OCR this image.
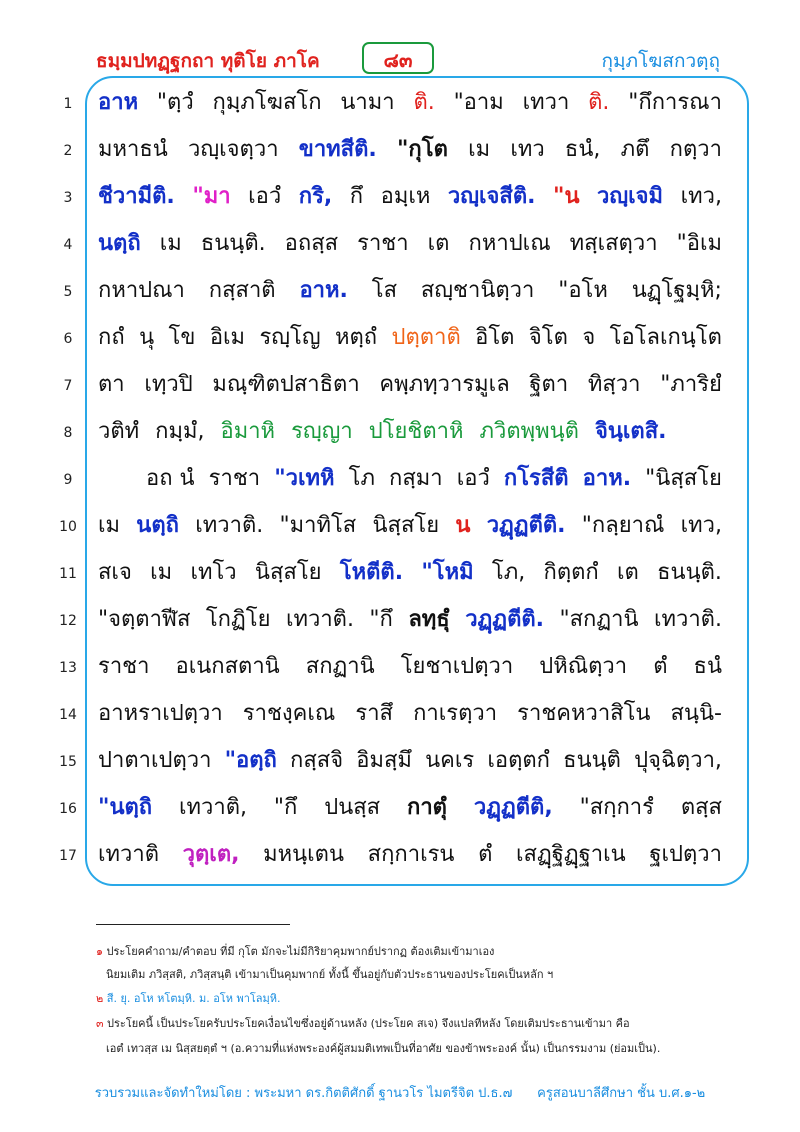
ธมฺมปทฏฺฐกถา ทุติโย ภาโค	๘๓	กุมฺภโฆสกวตฺถุ
1	อาห "ตฺวํ กุมฺภโฆสโก นามา ติ. "อาม เทวา ติ. "กึการณา
2	มหาธนํ วญฺเจตฺวา ขาทสีติ. "กุโต เม เทว ธนํ, ภตึ กตฺวา
3	ชีวามีติ. "มา เอวํ กริ, กึ อมฺเห วญฺเจสีติ. "น วญฺเจมิ เทว,
4	นตฺถิ เม ธนนฺติ. อถสฺส ราชา เต กหาปเณ ทสฺเสตฺวา "อิเม
5	กหาปณา กสฺสาติ อาห. โส สญฺชานิตฺวา "อโห นฏฺโฐมฺหิ;
6	กถํ นุ โข อิเม รญฺโญ หตฺถํ ปตฺตาติ อิโต จิโต จ โอโลเกนฺโต
7	ตา เทฺวปิ มณฺฑิตปสาธิตา คพฺภทฺวารมูเล ฐิตา ทิสฺวา "ภาริยํ
8	วติทํ กมฺมํ, อิมาหิ รญฺญา ปโยชิตาหิ ภวิตพฺพนฺติ จินฺเตสิ.
9	อถ นํ ราชา "วเทหิ โภ กสฺมา เอวํ กโรสีติ อาห. "นิสฺสโย
10 เม นตฺถิ เทวาติ. "มาทิโส นิสฺสโย น วฏฺฏตีติ. "กลฺยาณํ เทว,
11 สเจ เม เทโว นิสฺสโย โหตีติ. "โหมิ โภ, กิตฺตกํ เต ธนนฺติ.
12 "จตฺตาฬีส โกฏิโย เทวาติ. "กึ ลทฺธุํ วฏฺฏตีติ. "สกฏานิ เทวาติ.
13 ราชา อเนกสตานิ สกฏานิ โยชาเปตฺวา ปหิณิตฺวา ตํ ธนํ
14 อาหราเปตฺวา ราชงฺคเณ ราสึ กาเรตฺวา ราชคหวาสิโน สนฺนิ-
15 ปาตาเปตฺวา "อตฺถิ กสฺสจิ อิมสฺมึ นคเร เอตฺตกํ ธนนฺติ ปุจฺฉิตฺวา,
16 "นตฺถิ เทวาติ, "กึ ปนสฺส กาตุํ วฏฺฏตีติ, "สกฺการํ ตสฺส
17 เทวาติ วุตฺเต, มหนฺเตน สกฺกาเรน ตํ เสฏฺฐิฏฺฐาเน ฐเปตฺวา
๑ ประโยคคำถาม/คำตอบ ที่มี กุโต มักจะไม่มีกิริยาคุมพากย์ปรากฏ ต้องเติมเข้ามาเอง
นิยมเติม ภวิสฺสติ, ภวิสฺสนฺติ เข้ามาเป็นคุมพากย์ ทั้งนี้ ขึ้นอยู่กับตัวประธานของประโยคเป็นหลัก ฯ
๒ สี. ยุ. อโห หโตมฺหิ. ม. อโห พาโลมฺหิ.
๓ ประโยคนี้ เป็นประโยครับประโยคเงื่อนไขซึ่งอยู่ด้านหลัง (ประโยค สเจ) จึงแปลทีหลัง โดยเติมประธานเข้ามา คือ
เอตํ เทวสฺส เม นิสฺสยตฺตํ ฯ (อ.ความที่แห่งพระองค์ผู้สมมติเทพเป็นที่อาศัย ของข้าพระองค์ นั้น) เป็นกรรมงาม (ย่อมเป็น).
รวบรวมและจัดทำใหม่โดย : พระมหา ดร.กิตติศักดิ์ ฐานวโร ไมตรีจิต ป.ธ.๗ ครูสอนบาลีศึกษา ชั้น บ.ศ.๑-๒
